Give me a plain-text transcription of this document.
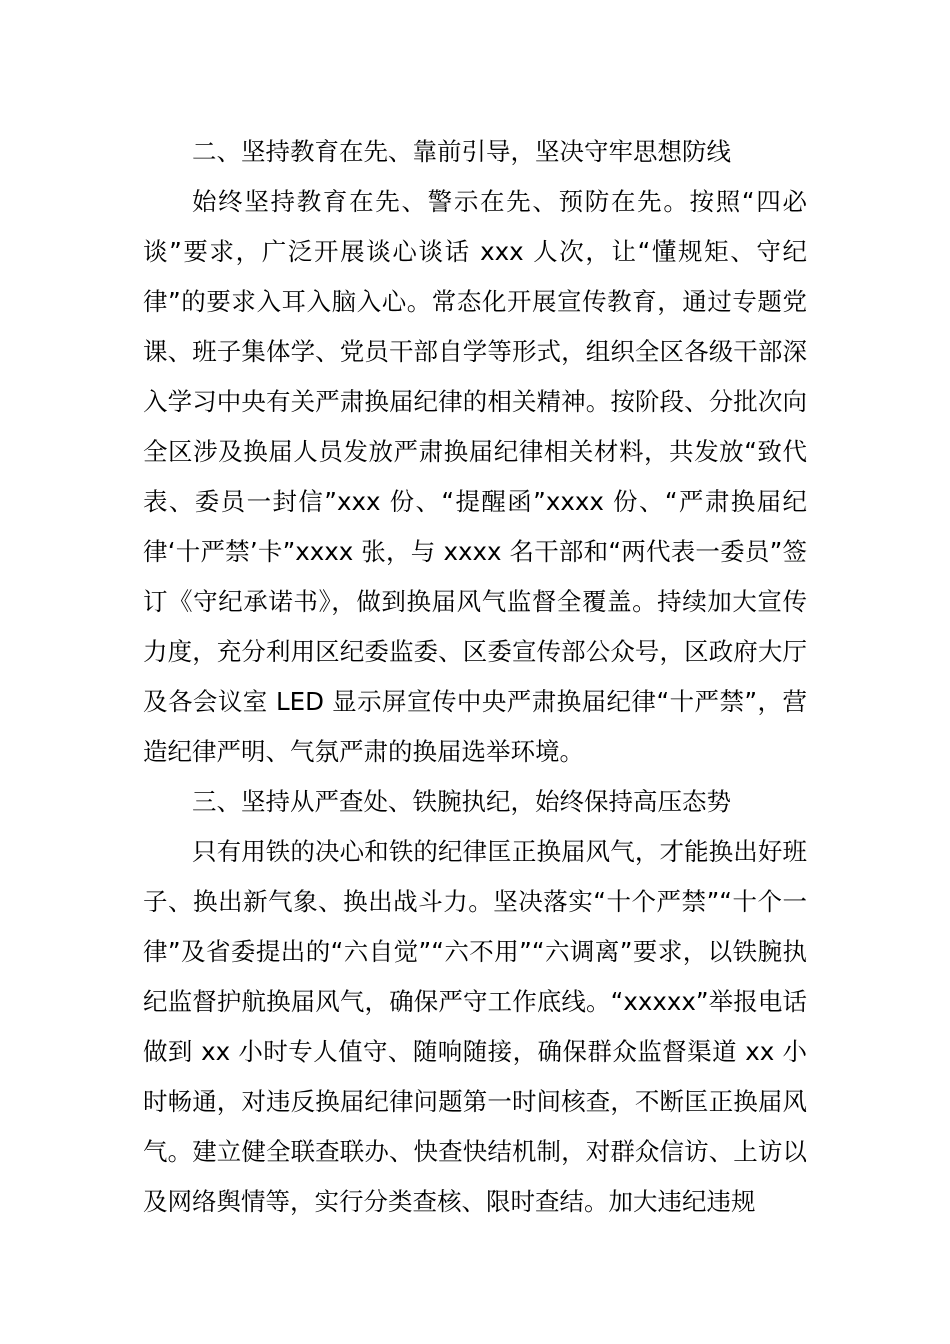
二、坚持教育在先、靠前引导，坚决守牢思想防线

始终坚持教育在先、警示在先、预防在先。按照“四必谈”要求，广泛开展谈心谈话 xxx 人次，让“懂规矩、守纪律”的要求入耳入脑入心。常态化开展宣传教育，通过专题党课、班子集体学、党员干部自学等形式，组织全区各级干部深入学习中央有关严肃换届纪律的相关精神。按阶段、分批次向全区涉及换届人员发放严肃换届纪律相关材料，共发放“致代表、委员一封信”xxx 份、“提醒函”xxxx 份、“严肃换届纪律‘十严禁’卡”xxxx 张，与 xxxx 名干部和“两代表一委员”签订《守纪承诺书》，做到换届风气监督全覆盖。持续加大宣传力度，充分利用区纪委监委、区委宣传部公众号，区政府大厅及各会议室 LED 显示屏宣传中央严肃换届纪律“十严禁”，营造纪律严明、气氛严肃的换届选举环境。

三、坚持从严查处、铁腕执纪，始终保持高压态势

只有用铁的决心和铁的纪律匡正换届风气，才能换出好班子、换出新气象、换出战斗力。坚决落实“十个严禁”“十个一律”及省委提出的“六自觉”“六不用”“六调离”要求，以铁腕执纪监督护航换届风气，确保严守工作底线。“xxxxx”举报电话做到 xx 小时专人值守、随响随接，确保群众监督渠道 xx 小时畅通，对违反换届纪律问题第一时间核查，不断匡正换届风气。建立健全联查联办、快查快结机制，对群众信访、上访以及网络舆情等，实行分类查核、限时查结。加大违纪违规
